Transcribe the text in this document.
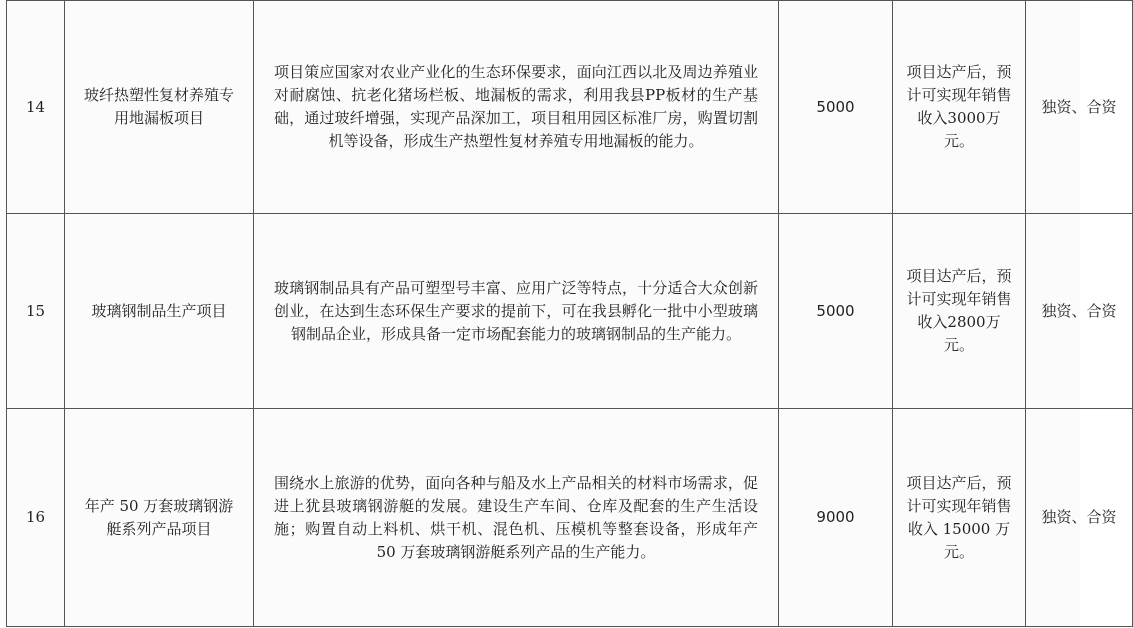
14	玻纤热塑性复材养殖专用地漏板项目	项目策应国家对农业产业化的生态环保要求，面向江西以北及周边养殖业对耐腐蚀、抗老化猪场栏板、地漏板的需求，利用我县PP板材的生产基础，通过玻纤增强，实现产品深加工，项目租用园区标准厂房，购置切割机等设备，形成生产热塑性复材养殖专用地漏板的能力。	5000	项目达产后，预计可实现年销售收入3000万元。	独资、合资
15	玻璃钢制品生产项目	玻璃钢制品具有产品可塑型号丰富、应用广泛等特点，十分适合大众创新创业，在达到生态环保生产要求的提前下，可在我县孵化一批中小型玻璃钢制品企业，形成具备一定市场配套能力的玻璃钢制品的生产能力。	5000	项目达产后，预计可实现年销售收入2800万元。	独资、合资
16	年产 50 万套玻璃钢游艇系列产品项目	围绕水上旅游的优势，面向各种与船及水上产品相关的材料市场需求，促进上犹县玻璃钢游艇的发展。建设生产车间、仓库及配套的生产生活设施；购置自动上料机、烘干机、混色机、压模机等整套设备，形成年产 50 万套玻璃钢游艇系列产品的生产能力。	9000	项目达产后，预计可实现年销售收入 15000 万元。	独资、合资
